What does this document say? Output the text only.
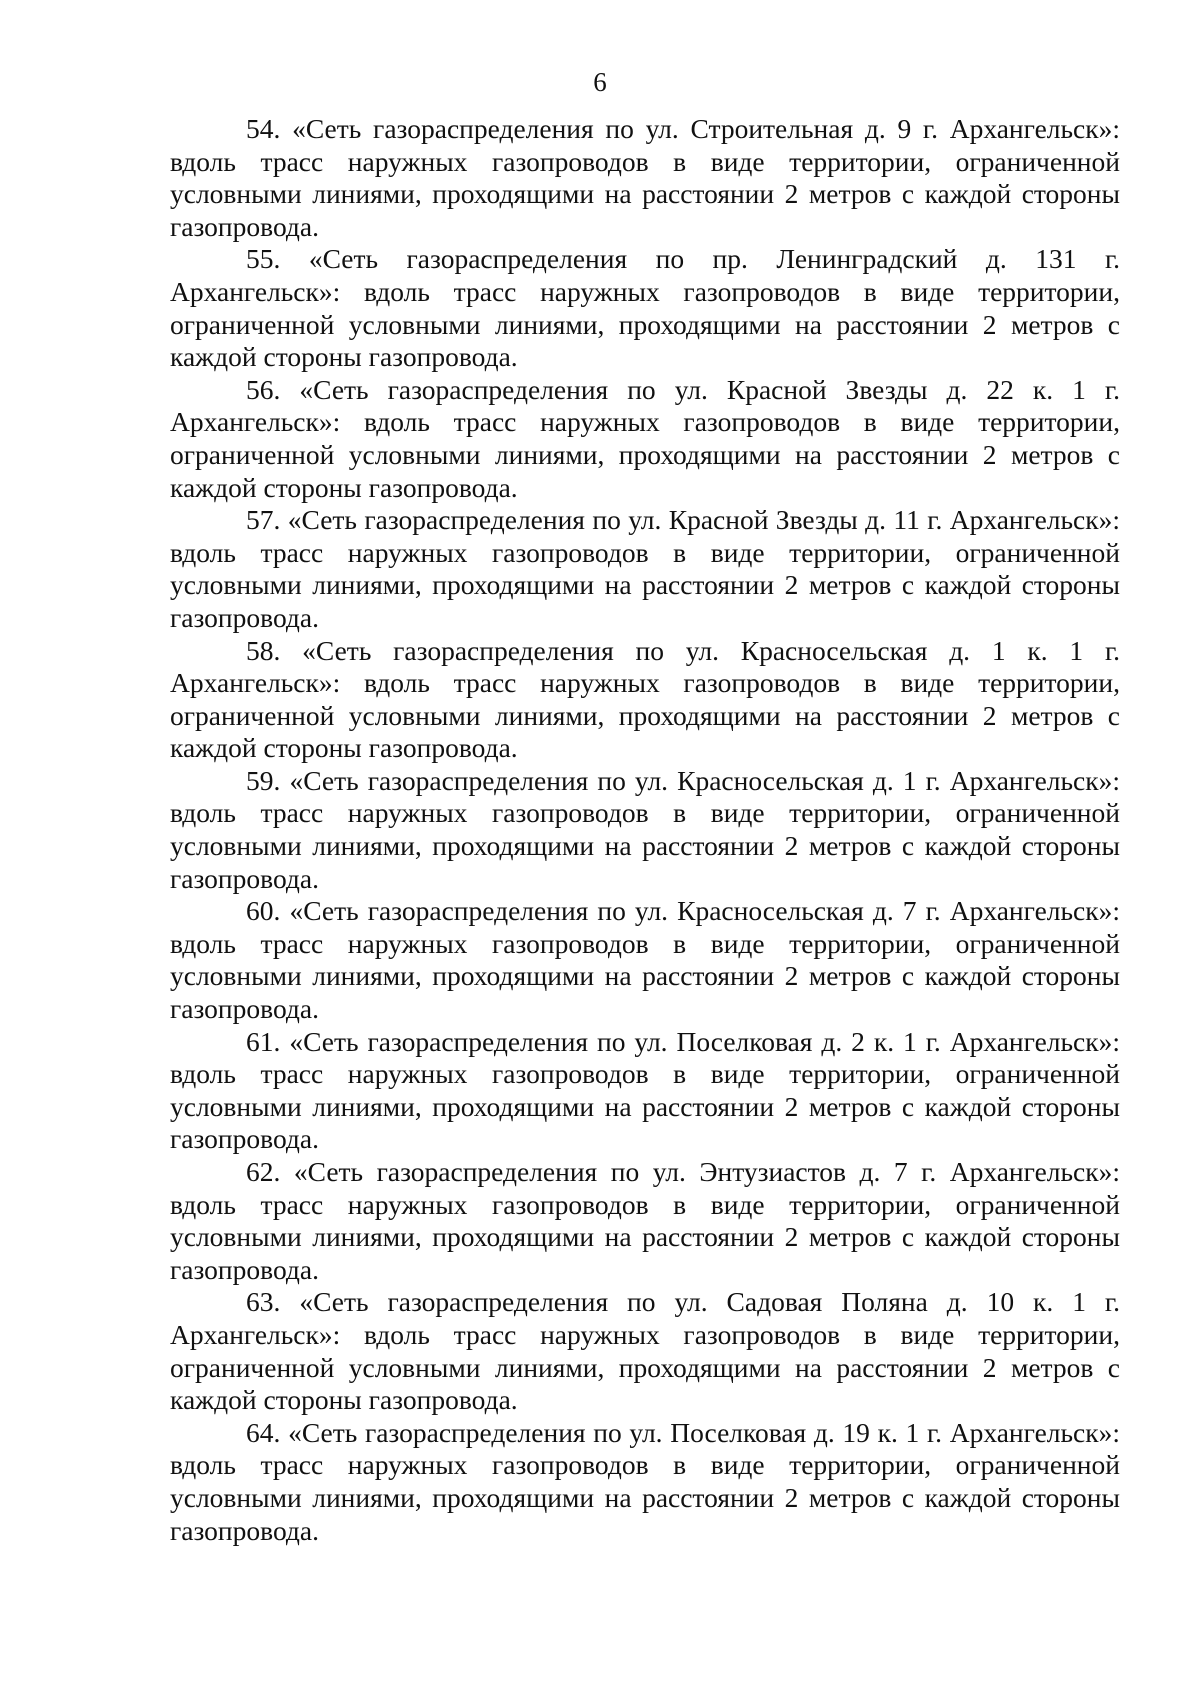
6

54. «Сеть газораспределения по ул. Строительная д. 9 г. Архангельск»: вдоль трасс наружных газопроводов в виде территории, ограниченной условными линиями, проходящими на расстоянии 2 метров с каждой стороны газопровода.

55. «Сеть газораспределения по пр. Ленинградский д. 131 г. Архангельск»: вдоль трасс наружных газопроводов в виде территории, ограниченной условными линиями, проходящими на расстоянии 2 метров с каждой стороны газопровода.

56. «Сеть газораспределения по ул. Красной Звезды д. 22 к. 1 г. Архангельск»: вдоль трасс наружных газопроводов в виде территории, ограниченной условными линиями, проходящими на расстоянии 2 метров с каждой стороны газопровода.

57. «Сеть газораспределения по ул. Красной Звезды д. 11 г. Архангельск»: вдоль трасс наружных газопроводов в виде территории, ограниченной условными линиями, проходящими на расстоянии 2 метров с каждой стороны газопровода.

58. «Сеть газораспределения по ул. Красносельская д. 1 к. 1 г. Архангельск»: вдоль трасс наружных газопроводов в виде территории, ограниченной условными линиями, проходящими на расстоянии 2 метров с каждой стороны газопровода.

59. «Сеть газораспределения по ул. Красносельская д. 1 г. Архангельск»: вдоль трасс наружных газопроводов в виде территории, ограниченной условными линиями, проходящими на расстоянии 2 метров с каждой стороны газопровода.

60. «Сеть газораспределения по ул. Красносельская д. 7 г. Архангельск»: вдоль трасс наружных газопроводов в виде территории, ограниченной условными линиями, проходящими на расстоянии 2 метров с каждой стороны газопровода.

61. «Сеть газораспределения по ул. Поселковая д. 2 к. 1 г. Архангельск»: вдоль трасс наружных газопроводов в виде территории, ограниченной условными линиями, проходящими на расстоянии 2 метров с каждой стороны газопровода.

62. «Сеть газораспределения по ул. Энтузиастов д. 7 г. Архангельск»: вдоль трасс наружных газопроводов в виде территории, ограниченной условными линиями, проходящими на расстоянии 2 метров с каждой стороны газопровода.

63. «Сеть газораспределения по ул. Садовая Поляна д. 10 к. 1 г. Архангельск»: вдоль трасс наружных газопроводов в виде территории, ограниченной условными линиями, проходящими на расстоянии 2 метров с каждой стороны газопровода.

64. «Сеть газораспределения по ул. Поселковая д. 19 к. 1 г. Архангельск»: вдоль трасс наружных газопроводов в виде территории, ограниченной условными линиями, проходящими на расстоянии 2 метров с каждой стороны газопровода.
